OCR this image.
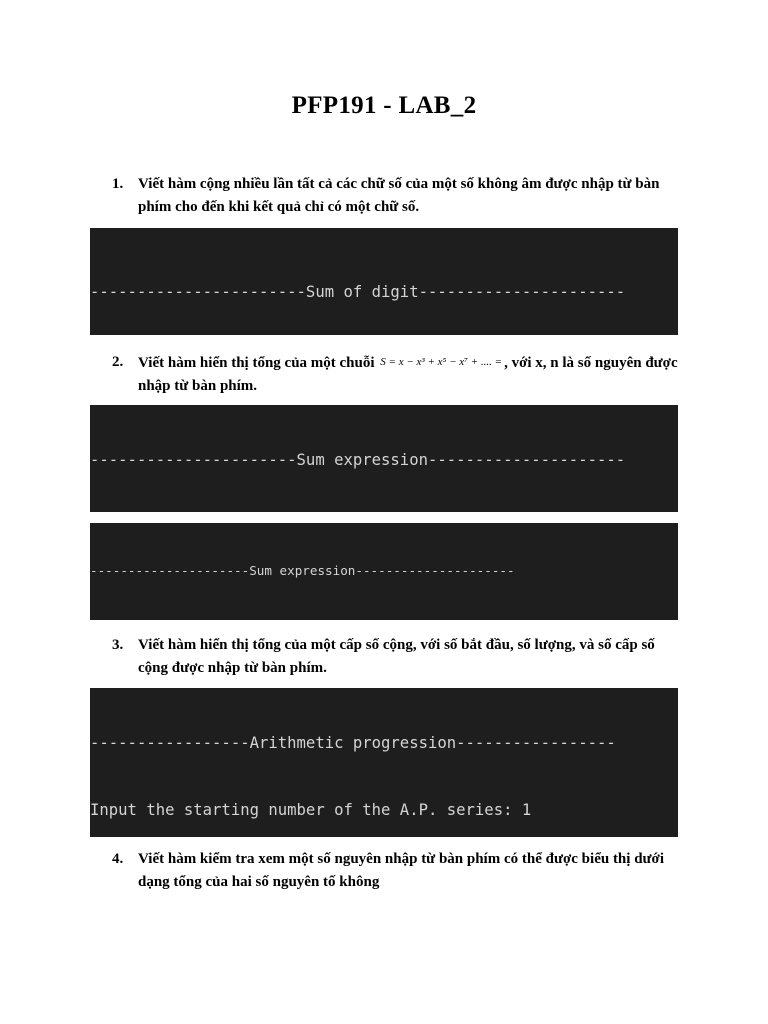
PFP191 - LAB_2
1. Viết hàm cộng nhiều lần tất cả các chữ số của một số không âm được nhập từ bàn phím cho đến khi kết quả chỉ có một chữ số.

-----------------------Sum of digit----------------------

2. Viết hàm hiển thị tổng của một chuỗi S = x − x³ + x⁵ − x⁷ + .... = , với x, n là số nguyên được nhập từ bàn phím.

----------------------Sum expression---------------------

---------------------Sum expression---------------------

3. Viết hàm hiển thị tổng của một cấp số cộng, với số bắt đầu, số lượng, và số cấp số cộng được nhập từ bàn phím.

-----------------Arithmetic progression-----------------

Input the starting number of the A.P. series: 1

4. Viết hàm kiểm tra xem một số nguyên nhập từ bàn phím có thể được biểu thị dưới dạng tổng của hai số nguyên tố không
